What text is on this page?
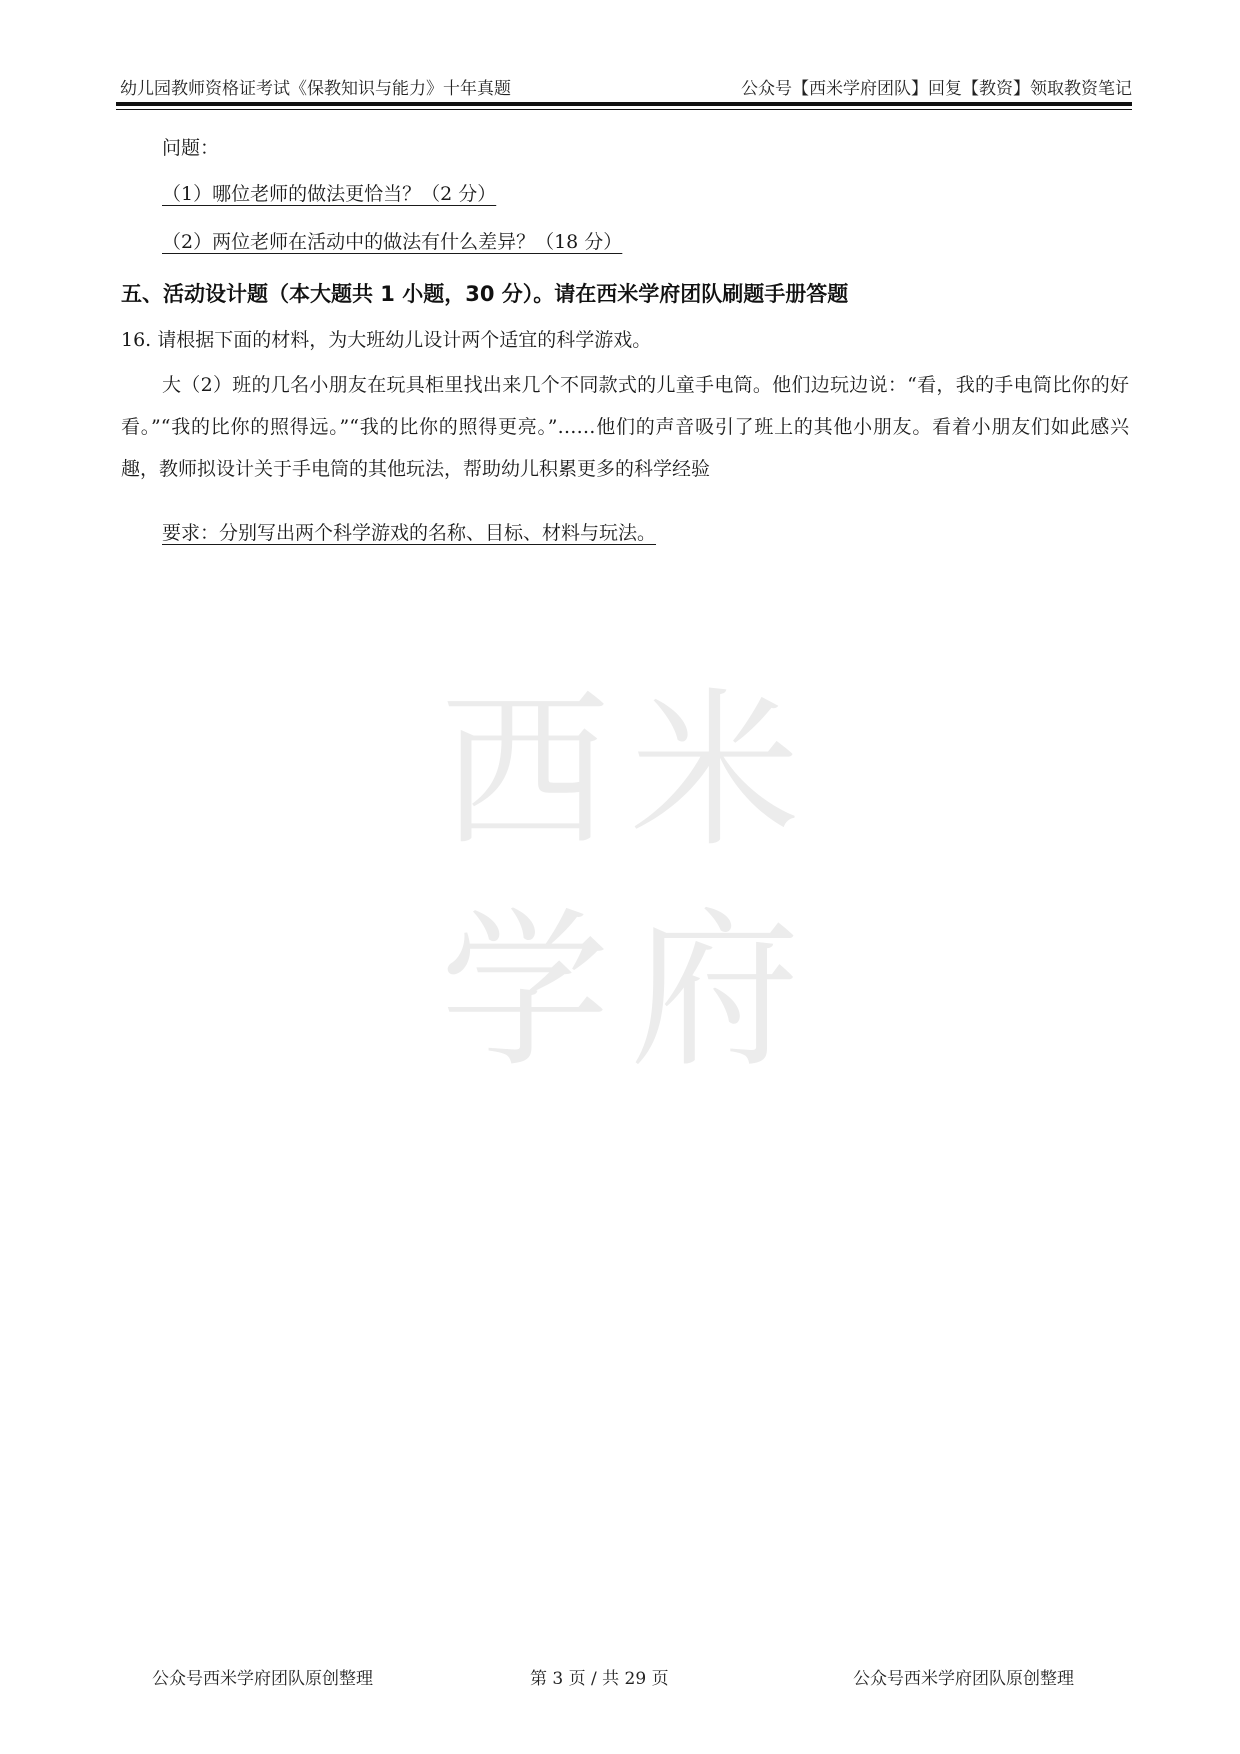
幼儿园教师资格证考试《保教知识与能力》十年真题	公众号【西米学府团队】回复【教资】领取教资笔记
问题：
（1）哪位老师的做法更恰当？（2 分）
（2）两位老师在活动中的做法有什么差异？（18 分）
五、活动设计题（本大题共 1 小题，30 分）。请在西米学府团队刷题手册答题
16. 请根据下面的材料，为大班幼儿设计两个适宜的科学游戏。
大（2）班的几名小朋友在玩具柜里找出来几个不同款式的儿童手电筒。他们边玩边说：“看，我的手电筒比你的好看。”“我的比你的照得远。”“我的比你的照得更亮。”……他们的声音吸引了班上的其他小朋友。看着小朋友们如此感兴趣，教师拟设计关于手电筒的其他玩法，帮助幼儿积累更多的科学经验
要求：分别写出两个科学游戏的名称、目标、材料与玩法。
西 米
学 府
公众号西米学府团队原创整理	第 3 页 / 共 29 页	公众号西米学府团队原创整理
